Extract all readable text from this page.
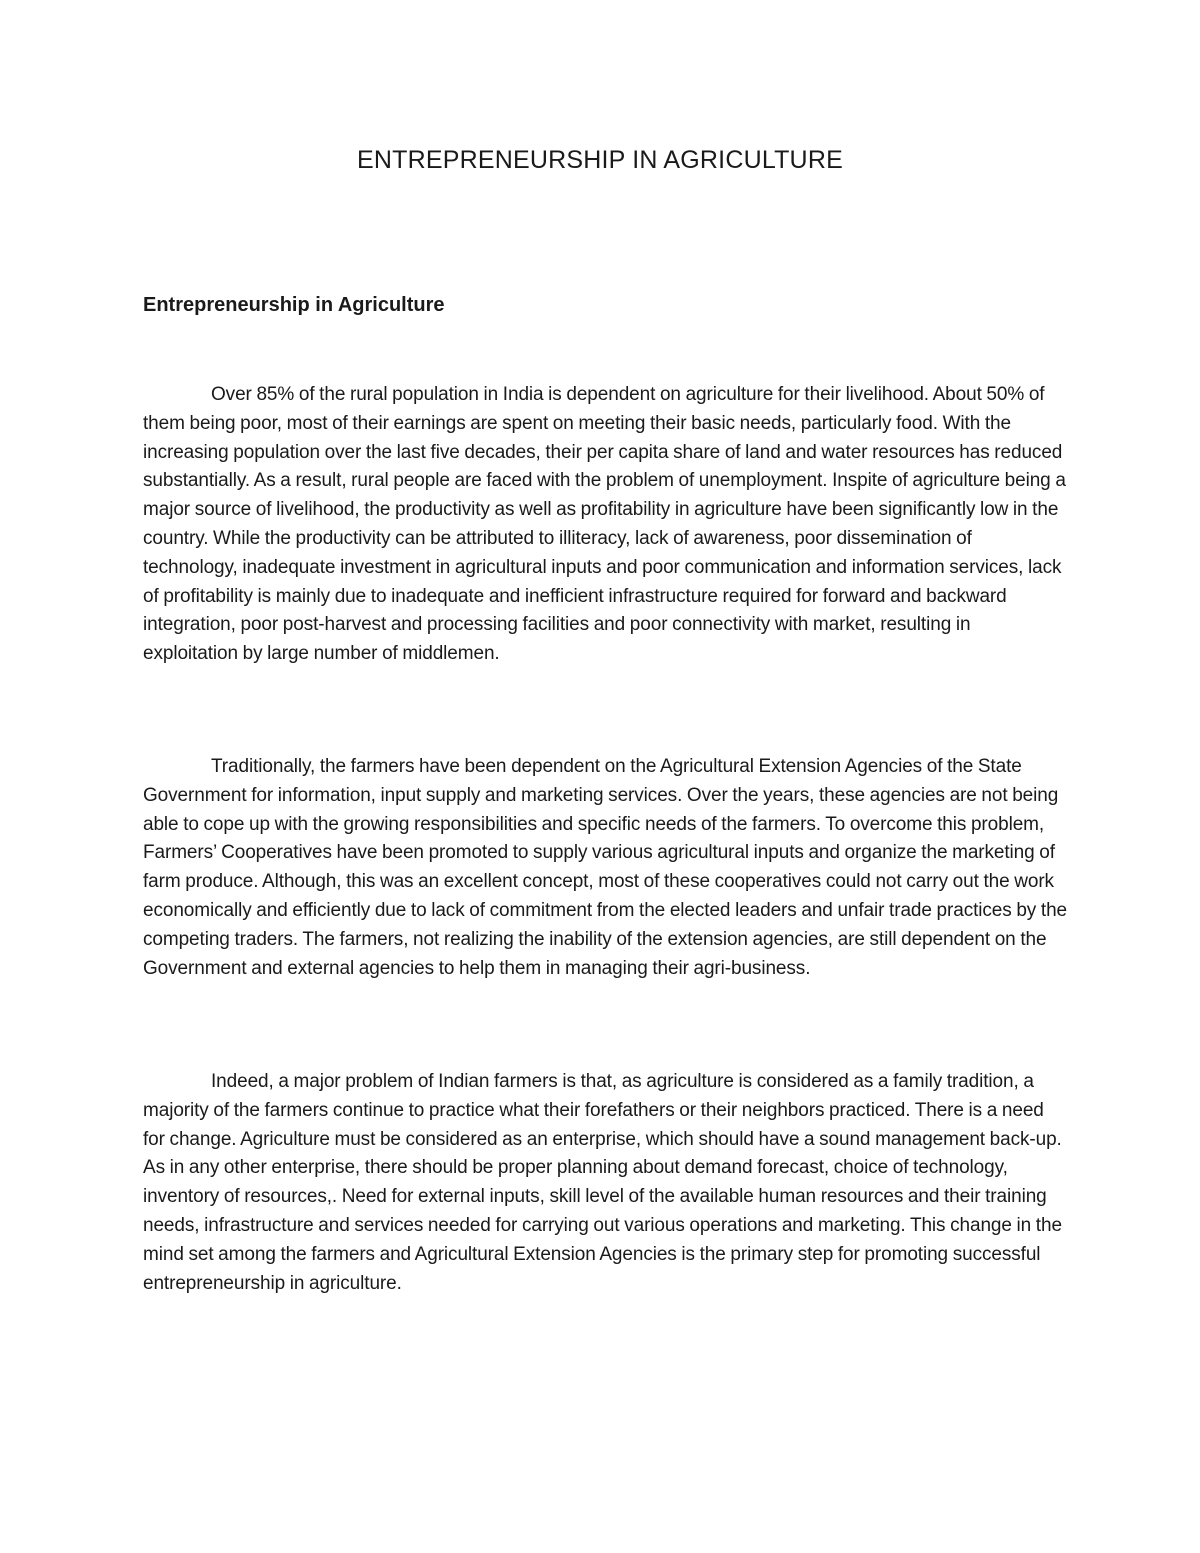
ENTREPRENEURSHIP IN AGRICULTURE
Entrepreneurship in Agriculture

Over 85% of the rural population in India is dependent on agriculture for their livelihood. About 50% of them being poor, most of their earnings are spent on meeting their basic needs, particularly food. With the increasing population over the last five decades, their per capita share of land and water resources has reduced substantially. As a result, rural people are faced with the problem of unemployment. Inspite of agriculture being a major source of livelihood, the productivity as well as profitability in agriculture have been significantly low in the country. While the productivity can be attributed to illiteracy, lack of awareness, poor dissemination of technology, inadequate investment in agricultural inputs and poor communication and information services, lack of profitability is mainly due to inadequate and inefficient infrastructure required for forward and backward integration, poor post-harvest and processing facilities and poor connectivity with market, resulting in exploitation by large number of middlemen.

Traditionally, the farmers have been dependent on the Agricultural Extension Agencies of the State Government for information, input supply and marketing services. Over the years, these agencies are not being able to cope up with the growing responsibilities and specific needs of the farmers. To overcome this problem, Farmers’ Cooperatives have been promoted to supply various agricultural inputs and organize the marketing of farm produce. Although, this was an excellent concept, most of these cooperatives could not carry out the work economically and efficiently due to lack of commitment from the elected leaders and unfair trade practices by the competing traders. The farmers, not realizing the inability of the extension agencies, are still dependent on the Government and external agencies to help them in managing their agri-business.

Indeed, a major problem of Indian farmers is that, as agriculture is considered as a family tradition, a majority of the farmers continue to practice what their forefathers or their neighbors practiced. There is a need for change. Agriculture must be considered as an enterprise, which should have a sound management back-up. As in any other enterprise, there should be proper planning about demand forecast, choice of technology, inventory of resources,. Need for external inputs, skill level of the available human resources and their training needs, infrastructure and services needed for carrying out various operations and marketing. This change in the mind set among the farmers and Agricultural Extension Agencies is the primary step for promoting successful entrepreneurship in agriculture.
